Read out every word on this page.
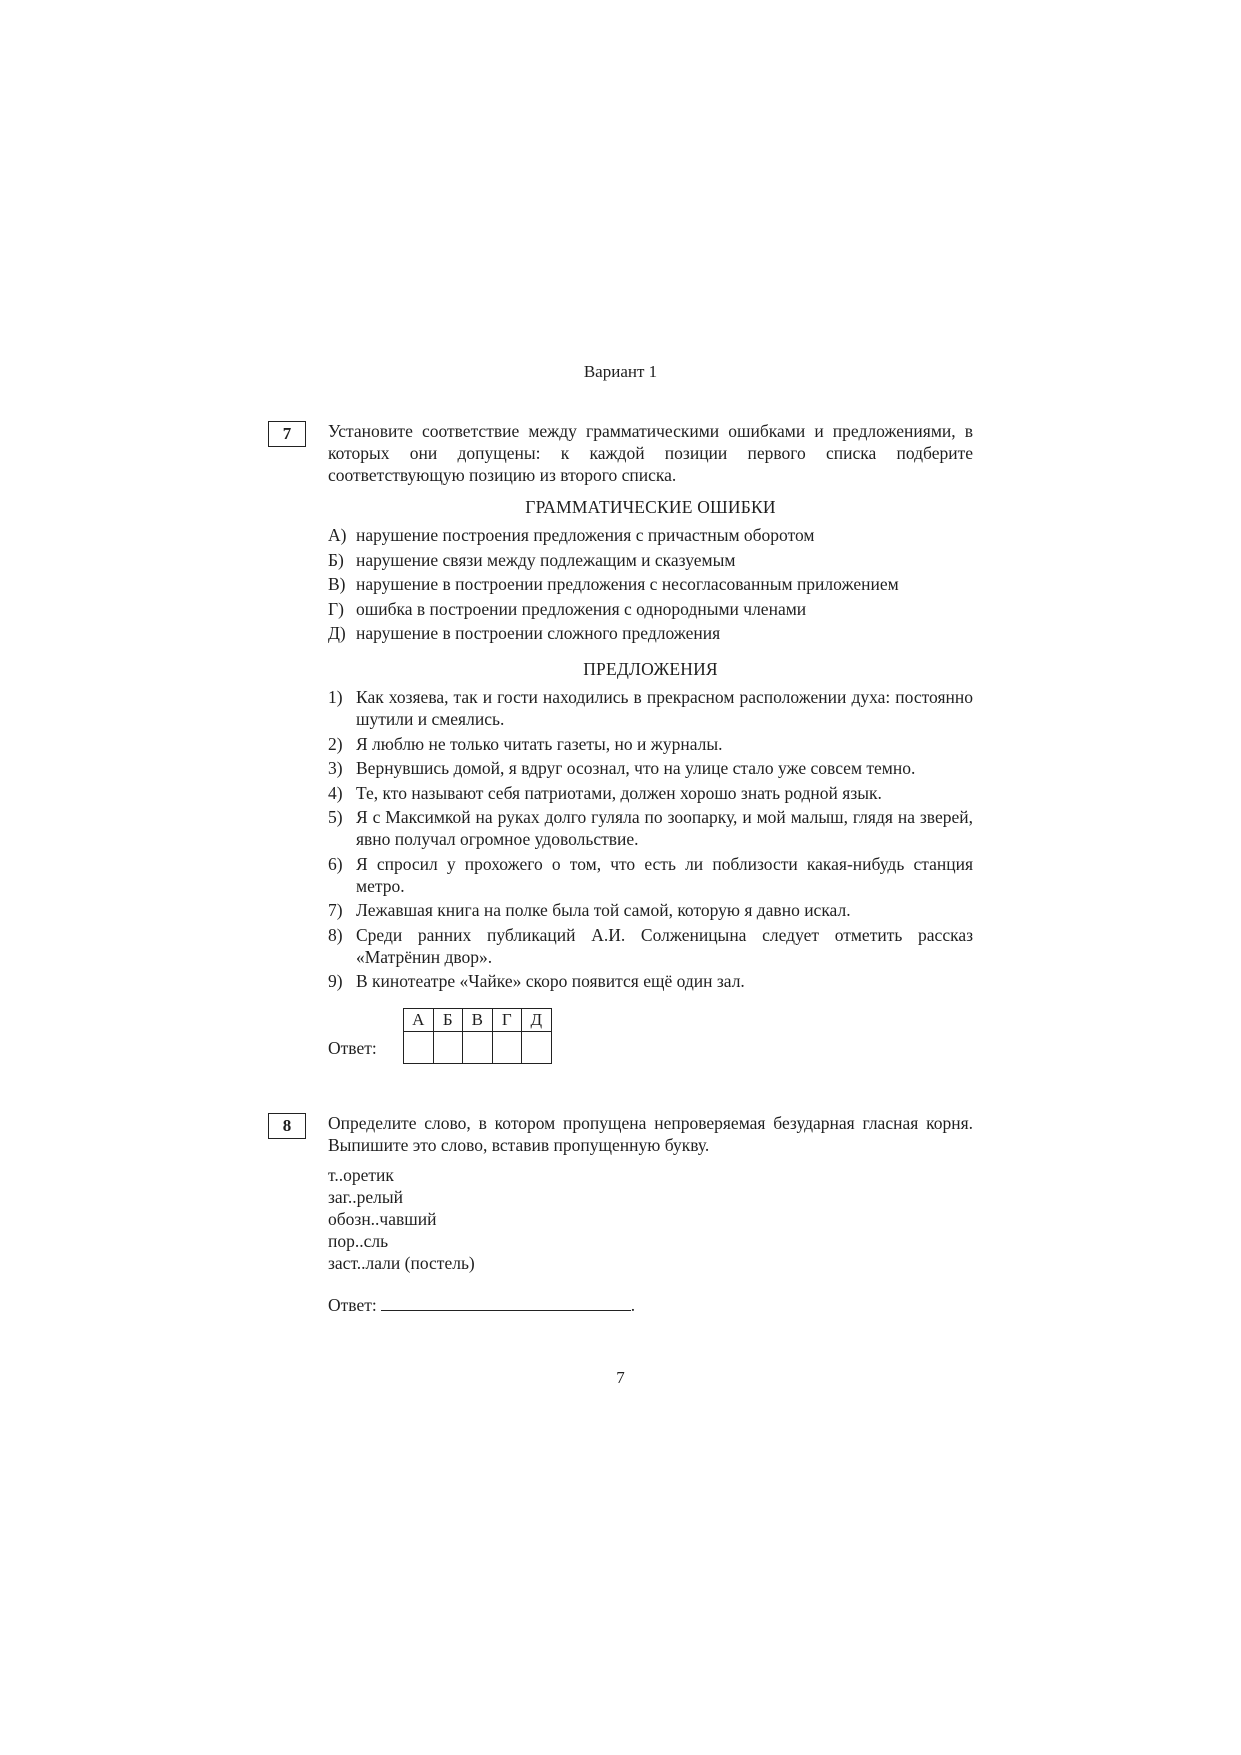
Вариант 1
7	Установите соответствие между грамматическими ошибками и предложениями, в которых они допущены: к каждой позиции первого списка подберите соответствующую позицию из второго списка.

ГРАММАТИЧЕСКИЕ ОШИБКИ
А) нарушение построения предложения с причастным оборотом
Б) нарушение связи между подлежащим и сказуемым
В) нарушение в построении предложения с несогласованным приложением
Г) ошибка в построении предложения с однородными членами
Д) нарушение в построении сложного предложения
ПРЕДЛОЖЕНИЯ
1) Как хозяева, так и гости находились в прекрасном расположении духа: постоянно шутили и смеялись.
2) Я люблю не только читать газеты, но и журналы.
3) Вернувшись домой, я вдруг осознал, что на улице стало уже совсем темно.
4) Те, кто называют себя патриотами, должен хорошо знать родной язык.
5) Я с Максимкой на руках долго гуляла по зоопарку, и мой малыш, глядя на зверей, явно получал огромное удовольствие.
6) Я спросил у прохожего о том, что есть ли поблизости какая-нибудь станция метро.
7) Лежавшая книга на полке была той самой, которую я давно искал.
8) Среди ранних публикаций А.И. Солженицына следует отметить рассказ «Матрёнин двор».
9) В кинотеатре «Чайке» скоро появится ещё один зал.
Ответ:
А	Б	В	Г	Д

8	Определите слово, в котором пропущена непроверяемая безударная гласная корня. Выпишите это слово, вставив пропущенную букву.

т..оретик
заг..релый
обозн..чавший
пор..сль
заст..лали (постель)
Ответ:	.
7
